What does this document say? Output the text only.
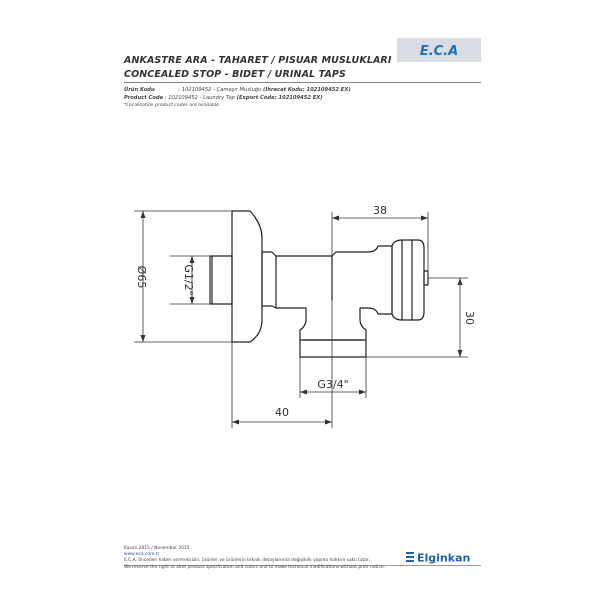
ANKASTRE ARA - TAHARET / PISUAR MUSLUKLARI
CONCEALED STOP - BIDET / URINAL TAPS
E.C.A
Ürün Kodu	: 102109452 - Çamaşır Musluğu (İhracat Kodu: 102109452 EX)
Product Code : 102109452 - Laundry Tap (Export Code: 102109452 EX)
*Localisation product codes are available.
Ø65	G1/2"
38
30
G3/4"
40
Kasım 2015 / November 2015
www.eca.com.tr
E.C.A. önceden haber vermeksizin, ürünler ve ürünlerin teknik detaylarında değişiklik yapma hakkını saklı tutar.
We reserve the right to alter product specification and colors and to make technical modifications without prior notice.
Elginkan
